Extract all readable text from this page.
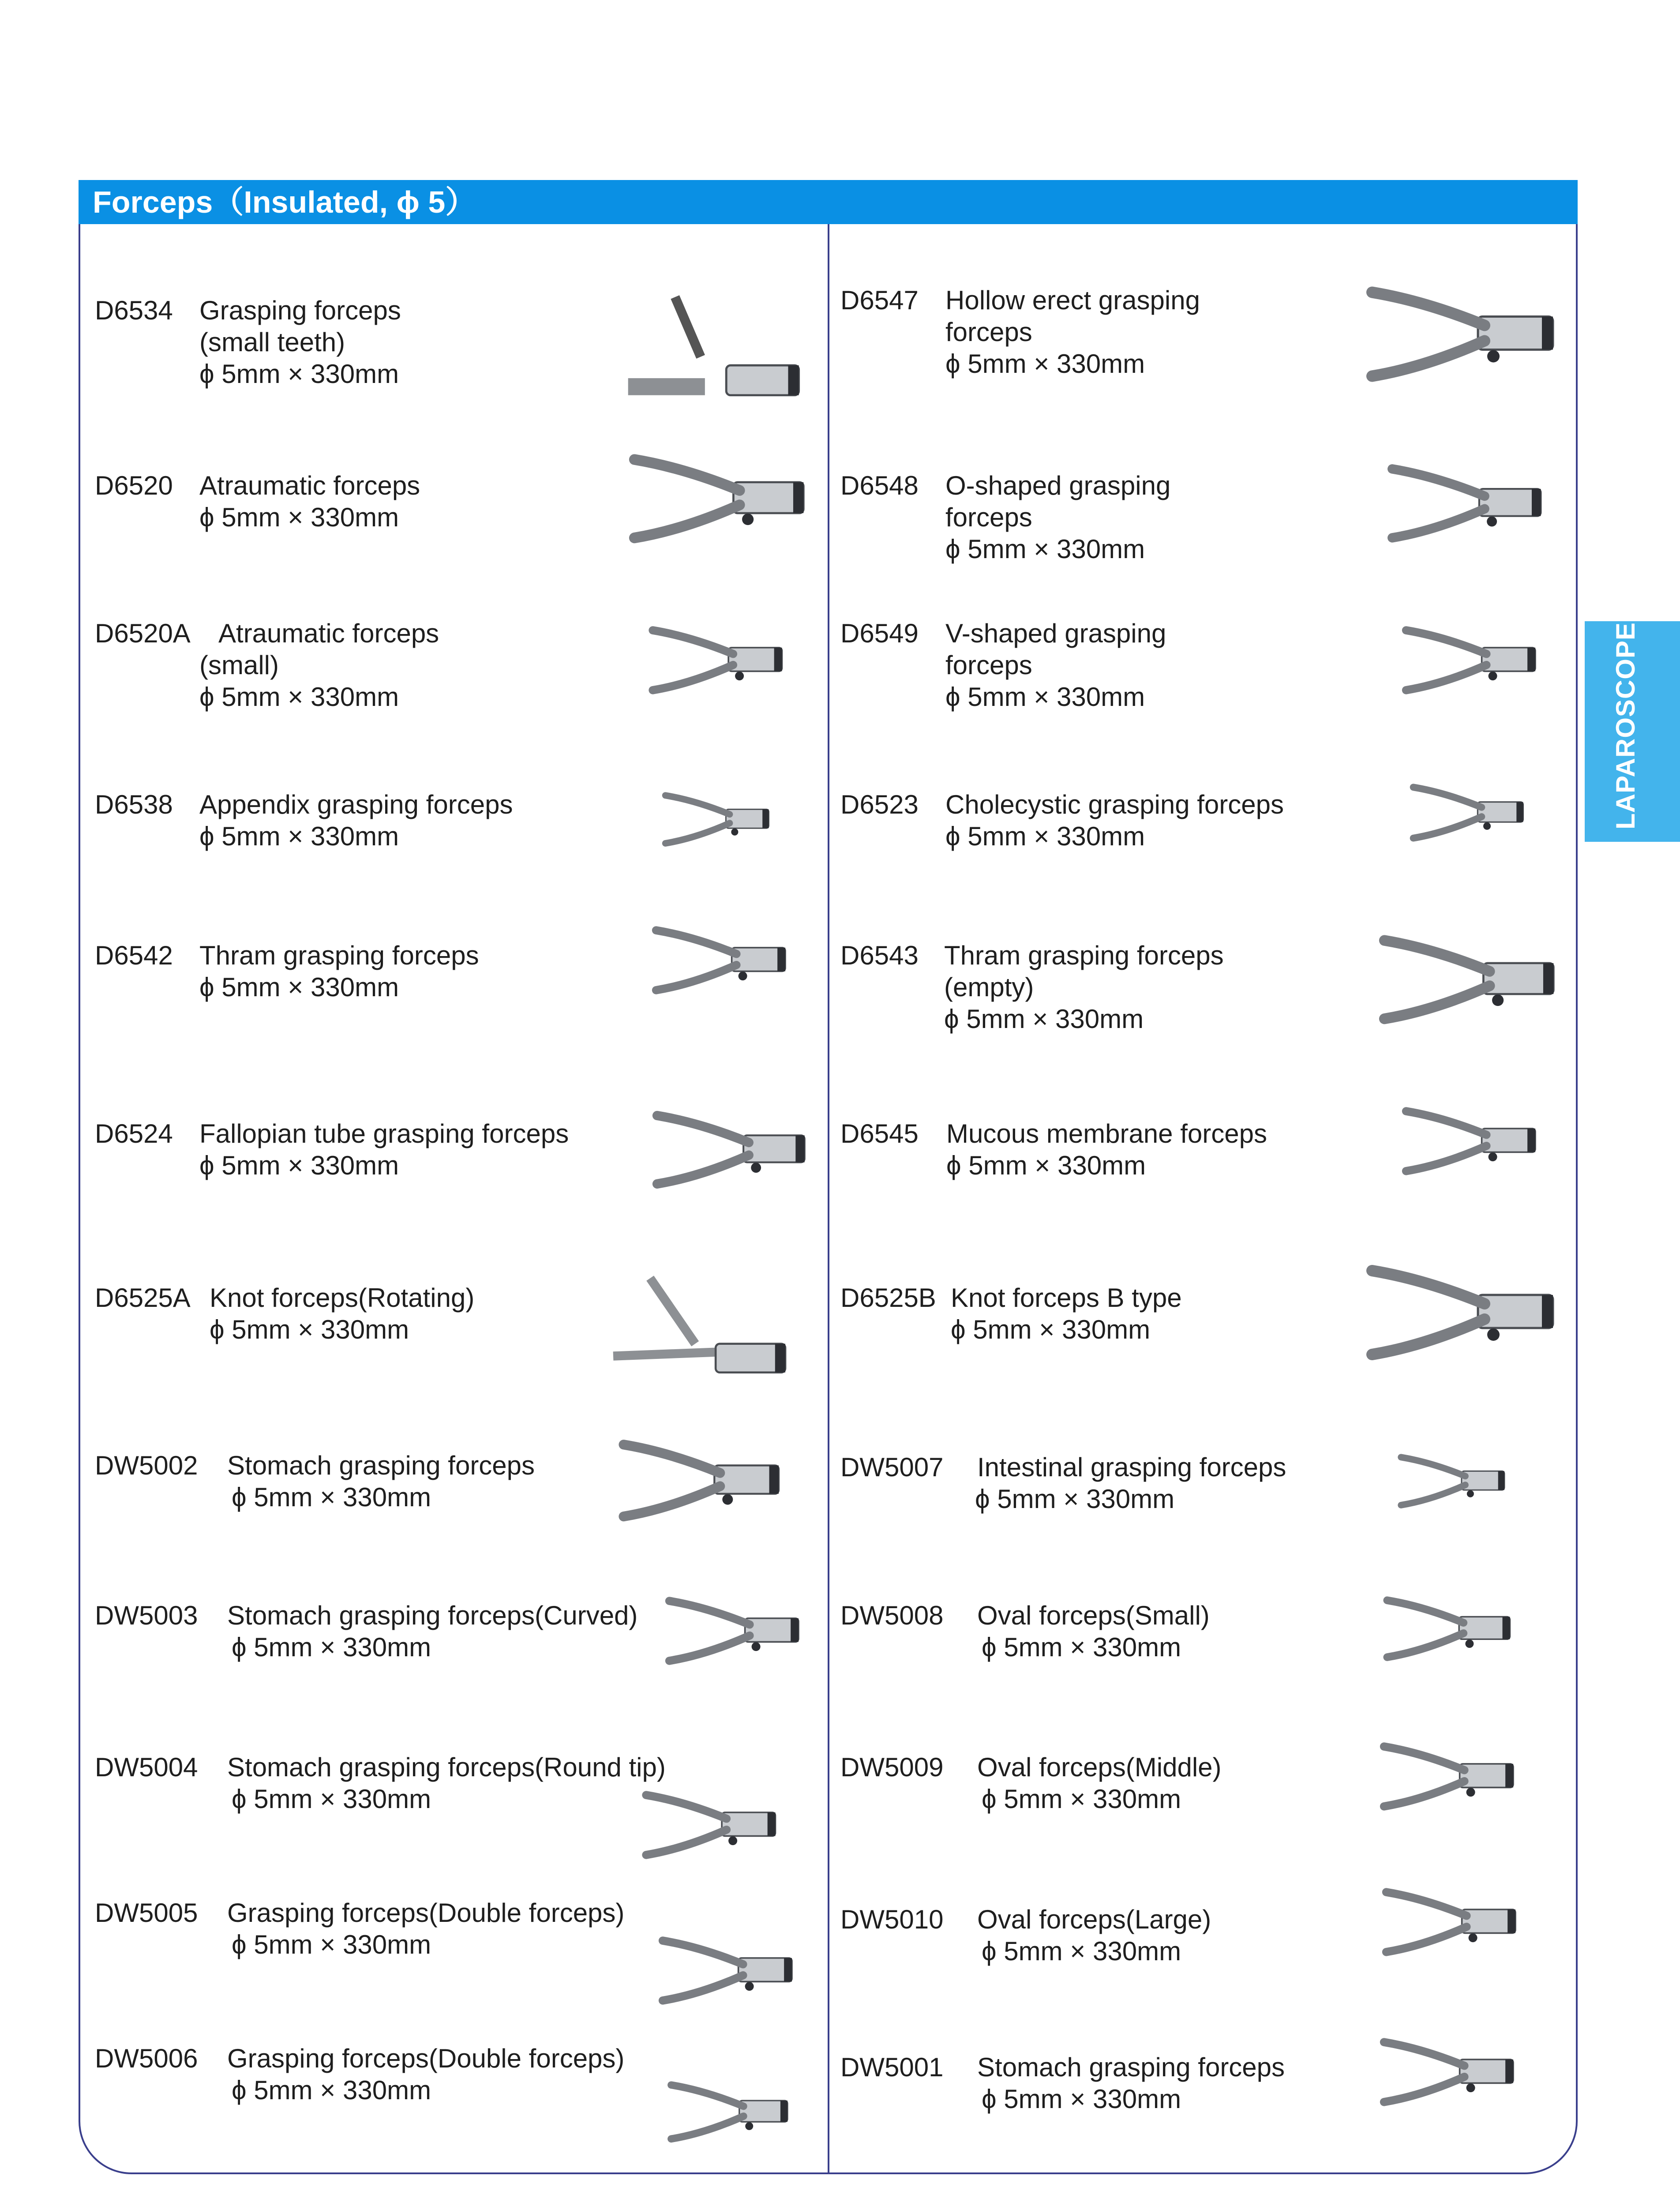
Forceps（Insulated, ϕ 5）
LAPAROSCOPE DF
D6534 Grasping forceps
(small teeth)
ϕ 5mm × 330mm
D6547 Hollow erect grasping
forceps
ϕ 5mm × 330mm
D6520 Atraumatic forceps
ϕ 5mm × 330mm
D6548 O-shaped grasping
forceps
ϕ 5mm × 330mm
D6520A Atraumatic forceps
(small)
ϕ 5mm × 330mm
D6549 V-shaped grasping
forceps
ϕ 5mm × 330mm
D6538 Appendix grasping forceps
ϕ 5mm × 330mm
D6523 Cholecystic grasping forceps
ϕ 5mm × 330mm
D6542 Thram grasping forceps
ϕ 5mm × 330mm
D6543 Thram grasping forceps
(empty)
ϕ 5mm × 330mm
D6524 Fallopian tube grasping forceps
ϕ 5mm × 330mm
D6545 Mucous membrane forceps
ϕ 5mm × 330mm
D6525A Knot forceps(Rotating)
ϕ 5mm × 330mm
D6525B Knot forceps B type
ϕ 5mm × 330mm
DW5002 Stomach grasping forceps
ϕ 5mm × 330mm
DW5007 Intestinal grasping forceps
ϕ 5mm × 330mm
DW5003 Stomach grasping forceps(Curved)
ϕ 5mm × 330mm
DW5008 Oval forceps(Small)
ϕ 5mm × 330mm
DW5004 Stomach grasping forceps(Round tip)
ϕ 5mm × 330mm
DW5009 Oval forceps(Middle)
ϕ 5mm × 330mm
DW5005 Grasping forceps(Double forceps)
ϕ 5mm × 330mm
DW5010 Oval forceps(Large)
ϕ 5mm × 330mm
DW5006 Grasping forceps(Double forceps)
ϕ 5mm × 330mm
DW5001 Stomach grasping forceps
ϕ 5mm × 330mm
